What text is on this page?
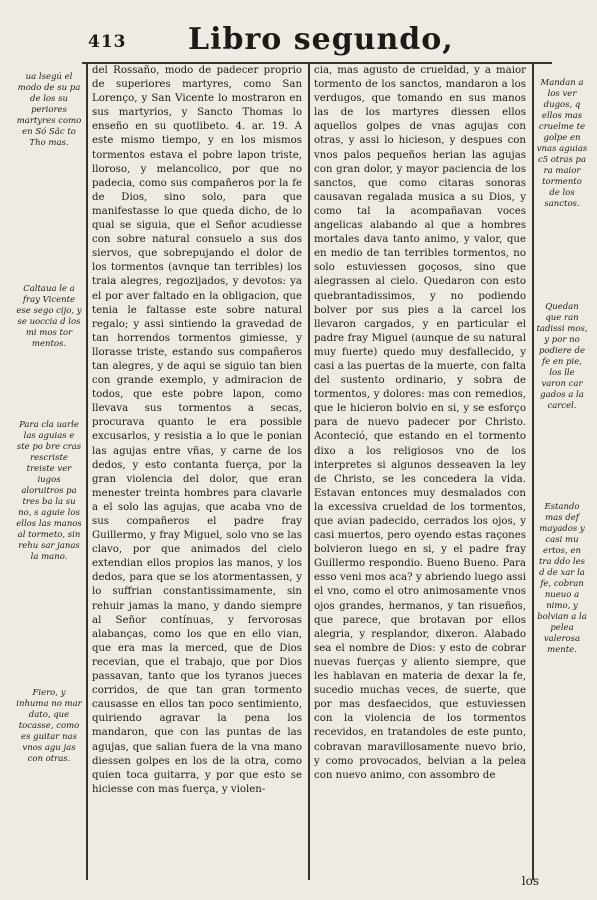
413 Libro segundo,

ua lsegú el modo de su pa de los su periores martyres como en Só Sãc to Tho mas.

Caltaua le a fray Vicente ese sego cijo, y se uoccia d los mi mos tor mentos.

Para cla uarle las aguias e ste po bre cras rescriste treiste ver iugos aloruitros pa tres ba la su no, s aguie los ellos las manos al tormeto, sin rehu sar janas la mano.

Fiero, y inhuma no mar dato, que tocasse, como es guitar nas vnos agu jas con otras.

del Rossaño, modo de padecer proprio de superiores martyres, como San Lorenço, y San Vicente lo mostraron en sus martyrios, y Sancto Thomas lo enseño en su quotlibeto. 4. ar. 19. A este mismo tiempo, y en los mismos tormentos estava el pobre lapon triste, lloroso, y melancolico, por que no padecia, como sus compañeros por la fe de Dios, sino solo, para que manifestasse lo que queda dicho, de lo qual se siguia, que el Señor acudiesse con sobre natural consuelo a sus dos siervos, que sobrepujando el dolor de los tormentos (avnque tan terribles) los traia alegres, regozijados, y devotos: ya el por aver faltado en la obligacion, que tenia le faltasse este sobre natural regalo; y assi sintiendo la gravedad de tan horrendos tormentos gimiesse, y llorasse triste, estando sus compañeros tan alegres, y de aqui se siguio tan bien con grande exemplo, y admiracion de todos, que este pobre lapon, como llevava sus tormentos a secas, procurava quanto le era possible excusarlos, y resistia a lo que le ponian las agujas entre vñas, y carne de los dedos, y esto contanta fuerça, por la gran violencia del dolor, que eran menester treinta hombres para clavarle a el solo las agujas, que acaba vno de sus compañeros el padre fray Guillermo, y fray Miguel, solo vno se las clavo, por que animados del cielo extendian ellos propios las manos, y los dedos, para que se los atormentassen, y lo suffrian constantissimamente, sin rehuir jamas la mano, y dando siempre al Señor contínuas, y fervorosas alabanças, como los que en ello vian, que era mas la merced, que de Dios recevian, que el trabajo, que por Dios passavan, tanto que los tyranos jueces corridos, de que tan gran tormento causasse en ellos tan poco sentimiento, quiriendo agravar la pena los mandaron, que con las puntas de las agujas, que salian fuera de la vna mano diessen golpes en los de la otra, como quien toca guitarra, y por que esto se hiciesse con mas fuerça, y violen-

cia, mas agusto de crueldad, y a maior tormento de los sanctos, mandaron a los verdugos, que tomando en sus manos las de los martyres diessen ellos aquellos golpes de vnas agujas con otras, y assi lo hicieson, y despues con vnos palos pequeños herian las agujas con gran dolor, y mayor paciencia de los sanctos, que como citaras sonoras causavan regalada musica a su Dios, y como tal la acompañavan voces angelicas alabando al que a hombres mortales dava tanto animo, y valor, que en medio de tan terribles tormentos, no solo estuviessen goçosos, sino que alegrassen al cielo. Quedaron con esto quebrantadissimos, y no podiendo bolver por sus pies a la carcel los llevaron cargados, y en particular el padre fray Miguel (aunque de su natural muy fuerte) quedo muy desfallecido, y casi a las puertas de la muerte, con falta del sustento ordinario, y sobra de tormentos, y dolores: mas con remedios, que le hicieron bolvio en si, y se esforço para de nuevo padecer por Christo. Aconteció, que estando en el tormento dixo a los religiosos vno de los interpretes si algunos desseaven la ley de Christo, se les concedera la vida. Estavan entonces muy desmalados con la excessiva crueldad de los tormentos, que avian padecido, cerrados los ojos, y casi muertos, pero oyendo estas raçones bolvieron luego en si, y el padre fray Guillermo respondio. Bueno Bueno. Para esso veni mos aca? y abriendo luego assi el vno, como el otro animosamente vnos ojos grandes, hermanos, y tan risueños, que parece, que brotavan por ellos alegria, y resplandor, dixeron. Alabado sea el nombre de Dios: y esto de cobrar nuevas fuerças y aliento siempre, que les hablavan en materia de dexar la fe, sucedio muchas veces, de suerte, que por mas desfaecidos, que estuviessen con la violencia de los tormentos recevidos, en tratandoles de este punto, cobravan maravillosamente nuevo brio, y como provocados, belvian a la pelea con nuevo animo, con assombro de

Mandan a los ver dugos, q ellos mas cruelme te golpe en vnas aguias c5 otras pa ra maior tormento de los sanctos.

Quedan que ran tadissi mos, y por no podiere de fe en pie, los lle varon car gados a la carcel.

Estando mas def mayados y casi mu ertos, en tra ddo les d de xar la fe, cobran nueuo a nimo, y bolvian a la pelea valerosa mente.

los
